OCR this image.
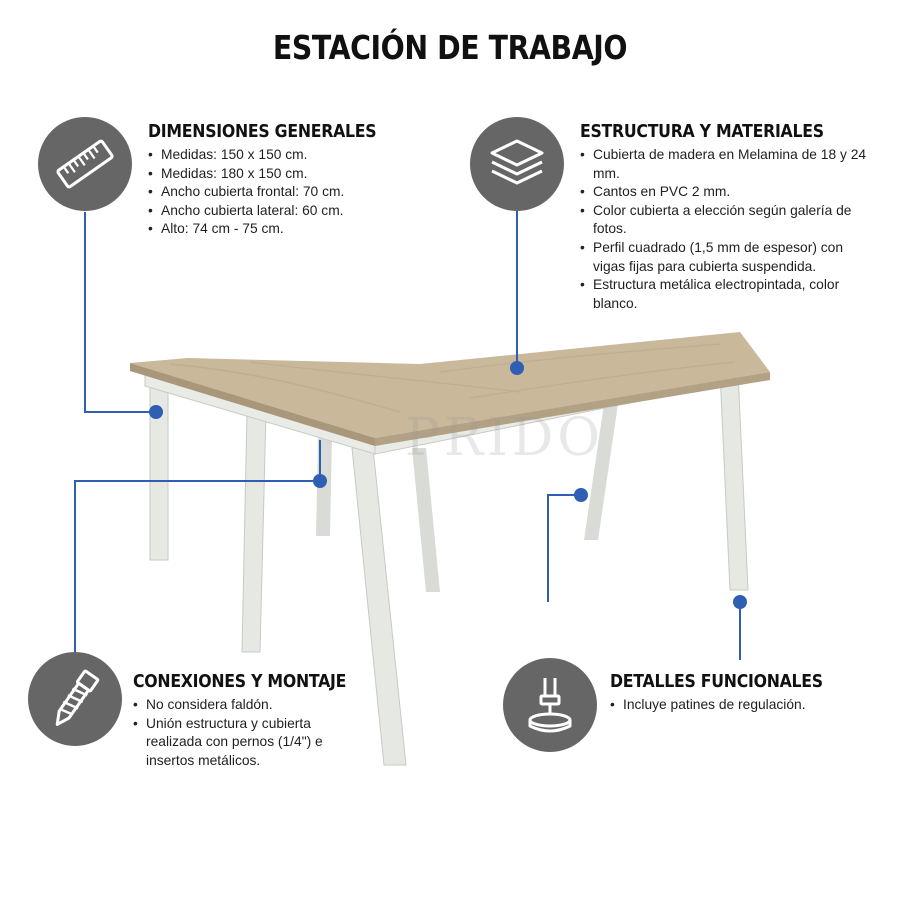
ESTACIÓN DE TRABAJO
PRIDO
DIMENSIONES GENERALES
• Medidas: 150 x 150 cm.
• Medidas: 180 x 150 cm.
• Ancho cubierta frontal: 70 cm.
• Ancho cubierta lateral: 60 cm.
• Alto: 74 cm - 75 cm.
ESTRUCTURA Y MATERIALES
• Cubierta de madera en Melamina de 18 y 24 mm.
• Cantos en PVC 2 mm.
• Color cubierta a elección según galería de fotos.
• Perfil cuadrado (1,5 mm de espesor) con vigas fijas para cubierta suspendida.
• Estructura metálica electropintada, color blanco.
CONEXIONES Y MONTAJE
• No considera faldón.
• Unión estructura y cubierta realizada con pernos (1/4") e insertos metálicos.
DETALLES FUNCIONALES
• Incluye patines de regulación.
